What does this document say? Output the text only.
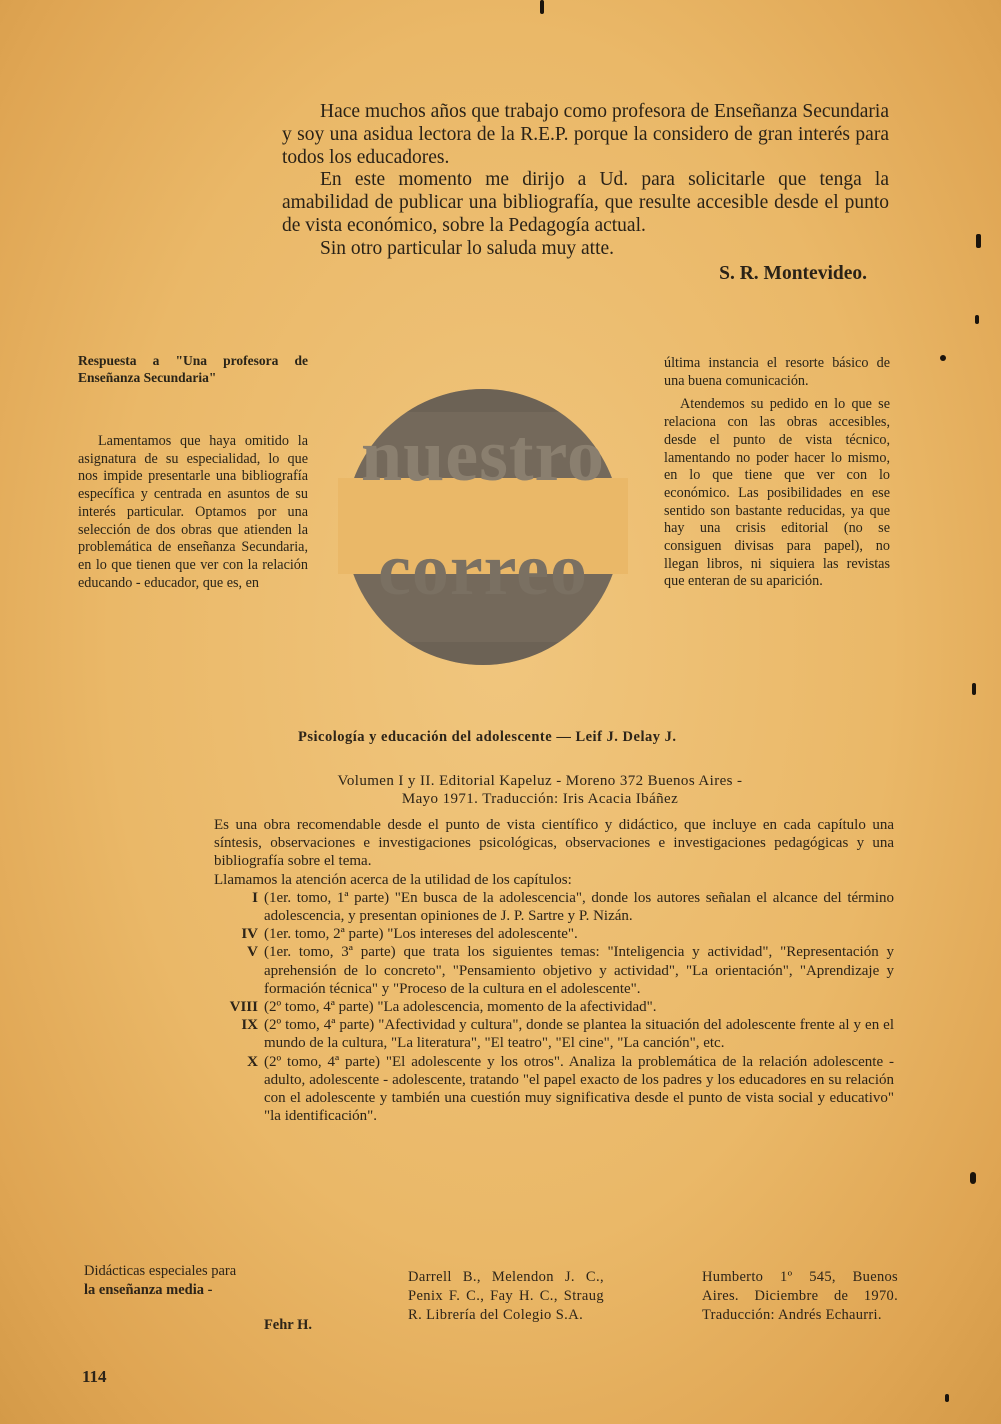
Hace muchos años que trabajo como profesora de Enseñanza Secundaria y soy una asidua lectora de la R.E.P. porque la considero de gran interés para todos los educadores.

En este momento me dirijo a Ud. para solicitarle que tenga la amabilidad de publicar una bibliografía, que resulte accesible desde el punto de vista económico, sobre la Pedagogía actual.

Sin otro particular lo saluda muy atte.

S. R. Montevideo.

Respuesta a "Una profesora de Enseñanza Secundaria"

Lamentamos que haya omitido la asignatura de su especialidad, lo que nos impide presentarle una bibliografía específica y centrada en asuntos de su interés particular. Optamos por una selección de dos obras que atienden la problemática de enseñanza Secundaria, en lo que tienen que ver con la relación educando - educador, que es, en

nuestro
correo

última instancia el resorte básico de una buena comunicación.

Atendemos su pedido en lo que se relaciona con las obras accesibles, desde el punto de vista técnico, lamentando no poder hacer lo mismo, en lo que tiene que ver con lo económico. Las posibilidades en ese sentido son bastante reducidas, ya que hay una crisis editorial (no se consiguen divisas para papel), no llegan libros, ni siquiera las revistas que enteran de su aparición.

Psicología y educación del adolescente — Leif J. Delay J.
Volumen I y II. Editorial Kapeluz - Moreno 372 Buenos Aires -
Mayo 1971. Traducción: Iris Acacia Ibáñez

Es una obra recomendable desde el punto de vista científico y didáctico, que incluye en cada capítulo una síntesis, observaciones e investigaciones psicológicas, observaciones e investigaciones pedagógicas y una bibliografía sobre el tema.

Llamamos la atención acerca de la utilidad de los capítulos:

I (1er. tomo, 1ª parte) "En busca de la adolescencia", donde los autores señalan el alcance del término adolescencia, y presentan opiniones de J. P. Sartre y P. Nizán.
IV (1er. tomo, 2ª parte) "Los intereses del adolescente".
V (1er. tomo, 3ª parte) que trata los siguientes temas: "Inteligencia y actividad", "Representación y aprehensión de lo concreto", "Pensamiento objetivo y actividad", "La orientación", "Aprendizaje y formación técnica" y "Proceso de la cultura en el adolescente".
VIII (2º tomo, 4ª parte) "La adolescencia, momento de la afectividad".
IX (2º tomo, 4ª parte) "Afectividad y cultura", donde se plantea la situación del adolescente frente al y en el mundo de la cultura, "La literatura", "El teatro", "El cine", "La canción", etc.
X (2º tomo, 4ª parte) "El adolescente y los otros". Analiza la problemática de la relación adolescente - adulto, adolescente - adolescente, tratando "el papel exacto de los padres y los educadores en su relación con el adolescente y también una cuestión muy significativa desde el punto de vista social y educativo" "la identificación".
Didácticas especiales para
la enseñanza media -
Fehr H.
Darrell B., Melendon J. C., Penix F. C., Fay H. C., Straug R. Librería del Colegio S.A.
Humberto 1º 545, Buenos Aires. Diciembre de 1970. Traducción: Andrés Echaurri.
114
